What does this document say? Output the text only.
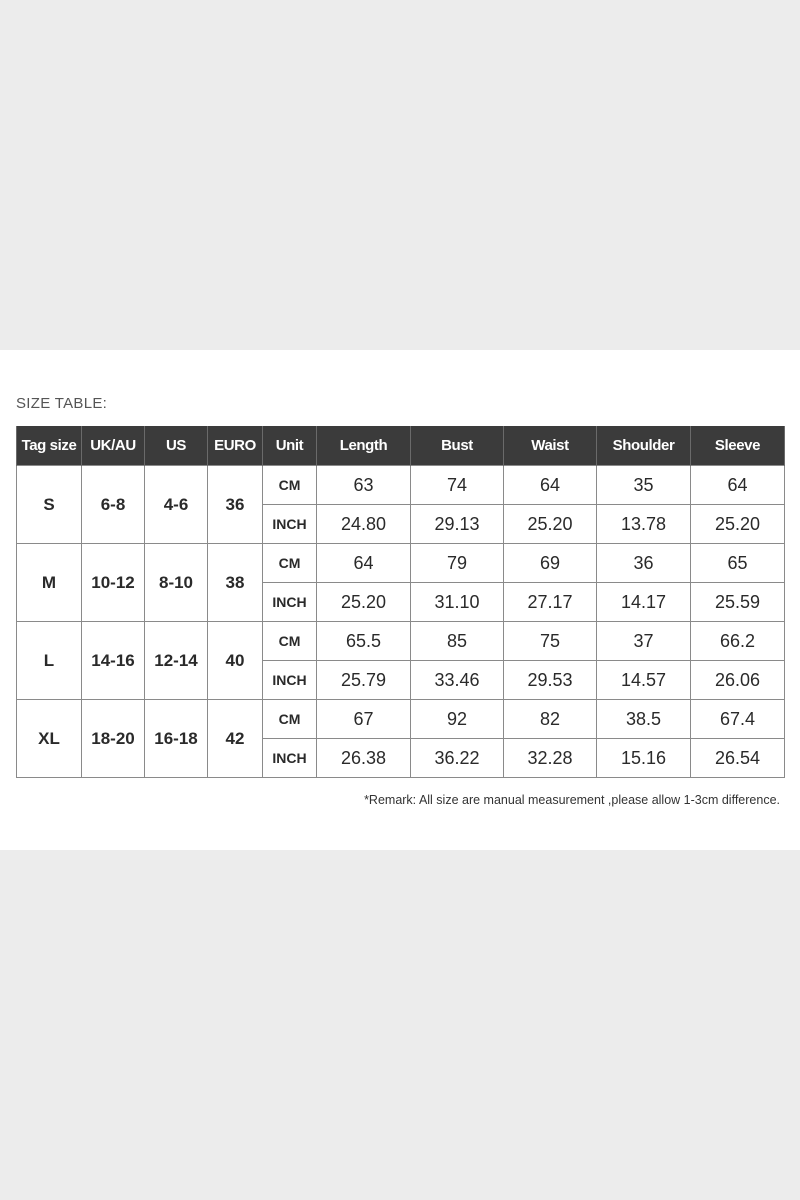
SIZE TABLE:
Tag size	UK/AU	US	EURO	Unit	Length	Bust	Waist	Shoulder	Sleeve
S	6-8	4-6	36	CM	63	74	64	35	64
				INCH	24.80	29.13	25.20	13.78	25.20
M	10-12	8-10	38	CM	64	79	69	36	65
				INCH	25.20	31.10	27.17	14.17	25.59
L	14-16	12-14	40	CM	65.5	85	75	37	66.2
				INCH	25.79	33.46	29.53	14.57	26.06
XL	18-20	16-18	42	CM	67	92	82	38.5	67.4
				INCH	26.38	36.22	32.28	15.16	26.54
*Remark: All size are manual measurement ,please allow 1-3cm difference.
